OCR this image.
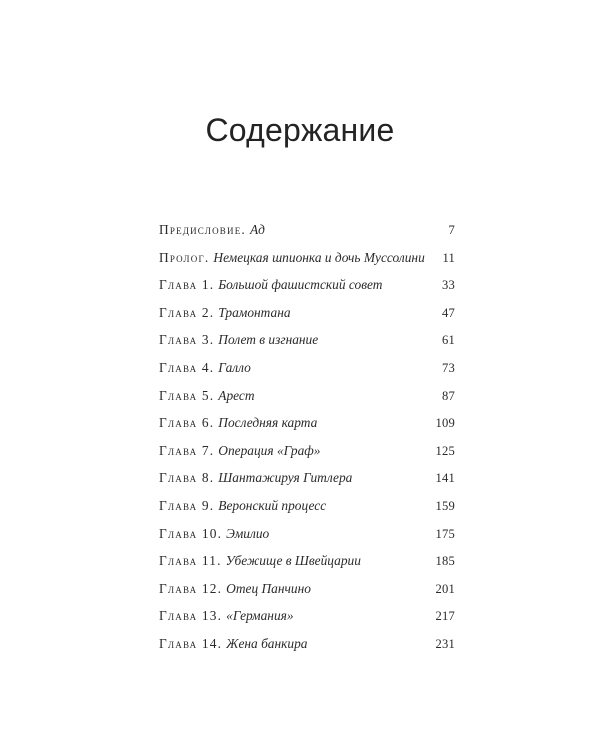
Содержание
Предисловие. Ад	7
Пролог. Немецкая шпионка и дочь Муссолини	11
Глава 1. Большой фашистский совет	33
Глава 2. Трамонтана	47
Глава 3. Полет в изгнание	61
Глава 4. Галло	73
Глава 5. Арест	87
Глава 6. Последняя карта	109
Глава 7. Операция «Граф»	125
Глава 8. Шантажируя Гитлера	141
Глава 9. Веронский процесс	159
Глава 10. Эмилио	175
Глава 11. Убежище в Швейцарии	185
Глава 12. Отец Панчино	201
Глава 13. «Германия»	217
Глава 14. Жена банкира	231
